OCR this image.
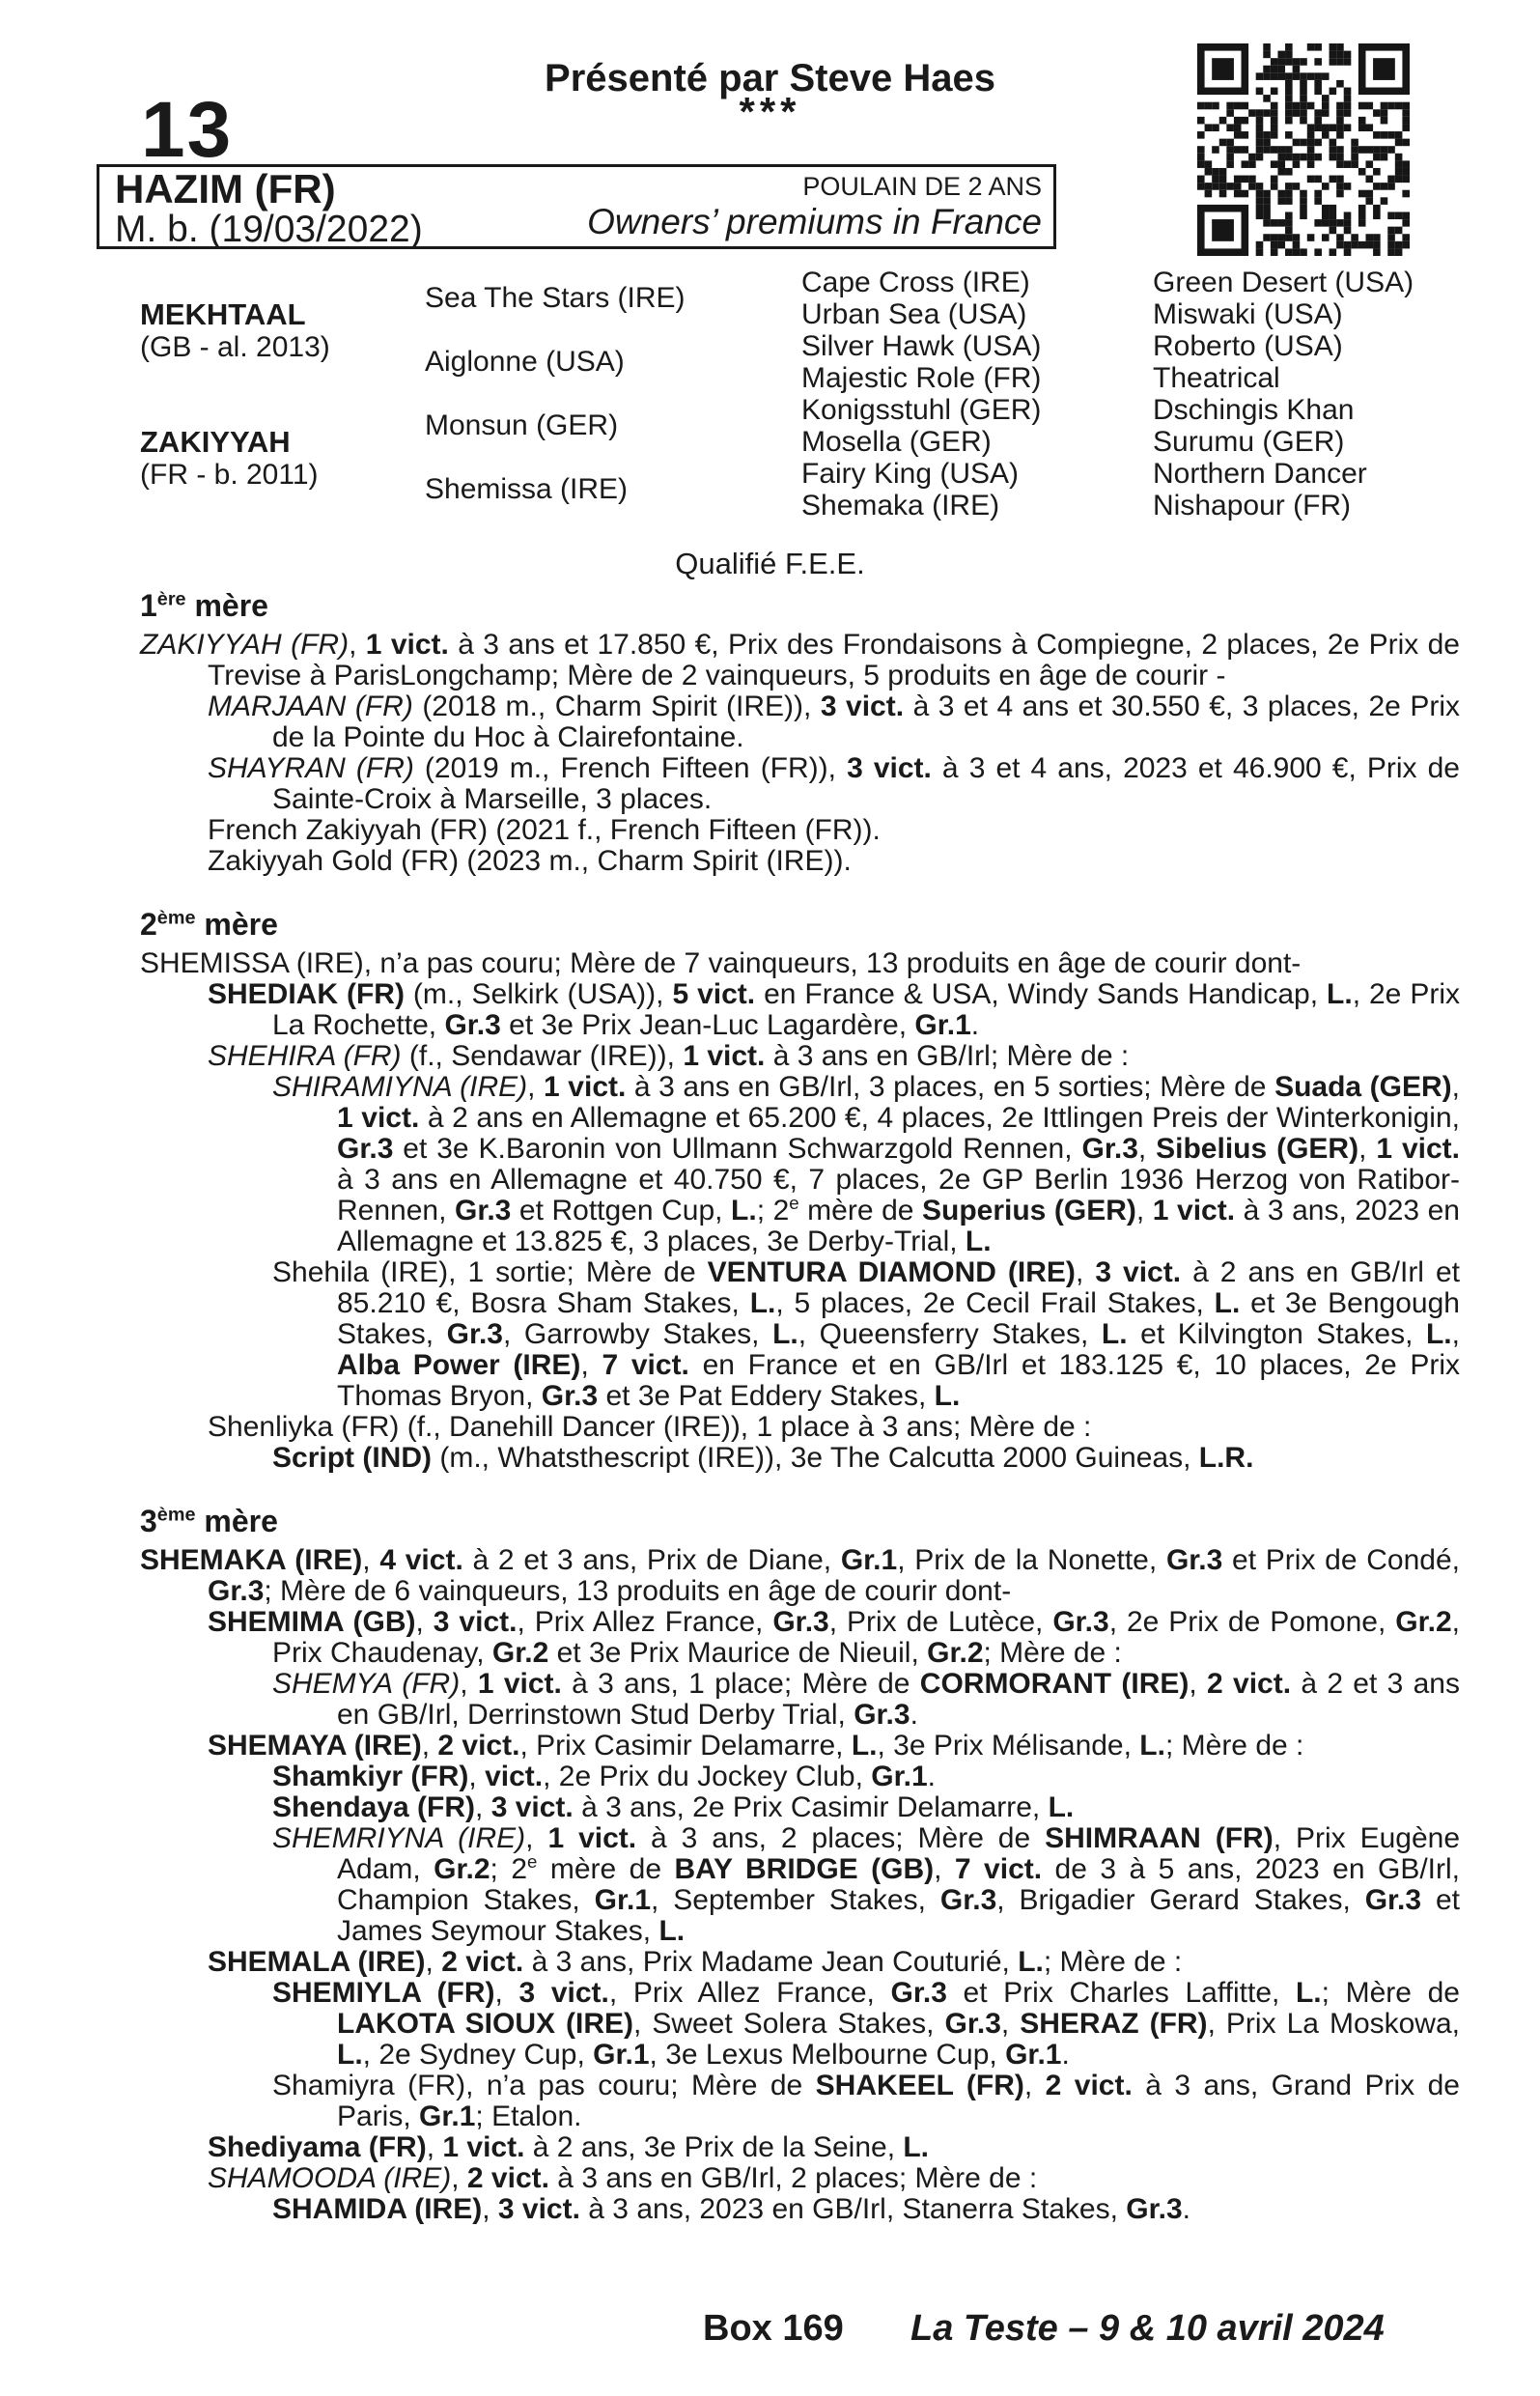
13
Présenté par Steve Haes
***
HAZIM (FR)
M. b. (19/03/2022)
POULAIN DE 2 ANS
Owners’ premiums in France
MEKHTAAL
(GB - al. 2013)
ZAKIYYAH
(FR - b. 2011)
Sea The Stars (IRE)
Aiglonne (USA)
Monsun (GER)
Shemissa (IRE)
Cape Cross (IRE)
Urban Sea (USA)
Silver Hawk (USA)
Majestic Role (FR)
Konigsstuhl (GER)
Mosella (GER)
Fairy King (USA)
Shemaka (IRE)
Green Desert (USA)
Miswaki (USA)
Roberto (USA)
Theatrical
Dschingis Khan
Surumu (GER)
Northern Dancer
Nishapour (FR)
Qualifié F.E.E.
1ère mère

ZAKIYYAH (FR), 1 vict. à 3 ans et 17.850 €, Prix des Frondaisons à Compiegne, 2 places, 2e Prix de Trevise à ParisLongchamp; Mère de 2 vainqueurs, 5 produits en âge de courir -

MARJAAN (FR) (2018 m., Charm Spirit (IRE)), 3 vict. à 3 et 4 ans et 30.550 €, 3 places, 2e Prix de la Pointe du Hoc à Clairefontaine.

SHAYRAN (FR) (2019 m., French Fifteen (FR)), 3 vict. à 3 et 4 ans, 2023 et 46.900 €, Prix de Sainte-Croix à Marseille, 3 places.

French Zakiyyah (FR) (2021 f., French Fifteen (FR)).

Zakiyyah Gold (FR) (2023 m., Charm Spirit (IRE)).

2ème mère

SHEMISSA (IRE), n’a pas couru; Mère de 7 vainqueurs, 13 produits en âge de courir dont-

SHEDIAK (FR) (m., Selkirk (USA)), 5 vict. en France & USA, Windy Sands Handicap, L., 2e Prix La Rochette, Gr.3 et 3e Prix Jean-Luc Lagardère, Gr.1.

SHEHIRA (FR) (f., Sendawar (IRE)), 1 vict. à 3 ans en GB/Irl; Mère de :

SHIRAMIYNA (IRE), 1 vict. à 3 ans en GB/Irl, 3 places, en 5 sorties; Mère de Suada (GER), 1 vict. à 2 ans en Allemagne et 65.200 €, 4 places, 2e Ittlingen Preis der Winterkonigin, Gr.3 et 3e K.Baronin von Ullmann Schwarzgold Rennen, Gr.3, Sibelius (GER), 1 vict. à 3 ans en Allemagne et 40.750 €, 7 places, 2e GP Berlin 1936 Herzog von Ratibor-Rennen, Gr.3 et Rottgen Cup, L.; 2e mère de Superius (GER), 1 vict. à 3 ans, 2023 en Allemagne et 13.825 €, 3 places, 3e Derby-Trial, L.

Shehila (IRE), 1 sortie; Mère de VENTURA DIAMOND (IRE), 3 vict. à 2 ans en GB/Irl et 85.210 €, Bosra Sham Stakes, L., 5 places, 2e Cecil Frail Stakes, L. et 3e Bengough Stakes, Gr.3, Garrowby Stakes, L., Queensferry Stakes, L. et Kilvington Stakes, L., Alba Power (IRE), 7 vict. en France et en GB/Irl et 183.125 €, 10 places, 2e Prix Thomas Bryon, Gr.3 et 3e Pat Eddery Stakes, L.

Shenliyka (FR) (f., Danehill Dancer (IRE)), 1 place à 3 ans; Mère de :

Script (IND) (m., Whatsthescript (IRE)), 3e The Calcutta 2000 Guineas, L.R.

3ème mère

SHEMAKA (IRE), 4 vict. à 2 et 3 ans, Prix de Diane, Gr.1, Prix de la Nonette, Gr.3 et Prix de Condé, Gr.3; Mère de 6 vainqueurs, 13 produits en âge de courir dont-

SHEMIMA (GB), 3 vict., Prix Allez France, Gr.3, Prix de Lutèce, Gr.3, 2e Prix de Pomone, Gr.2, Prix Chaudenay, Gr.2 et 3e Prix Maurice de Nieuil, Gr.2; Mère de :

SHEMYA (FR), 1 vict. à 3 ans, 1 place; Mère de CORMORANT (IRE), 2 vict. à 2 et 3 ans en GB/Irl, Derrinstown Stud Derby Trial, Gr.3.

SHEMAYA (IRE), 2 vict., Prix Casimir Delamarre, L., 3e Prix Mélisande, L.; Mère de :

Shamkiyr (FR), vict., 2e Prix du Jockey Club, Gr.1.

Shendaya (FR), 3 vict. à 3 ans, 2e Prix Casimir Delamarre, L.

SHEMRIYNA (IRE), 1 vict. à 3 ans, 2 places; Mère de SHIMRAAN (FR), Prix Eugène Adam, Gr.2; 2e mère de BAY BRIDGE (GB), 7 vict. de 3 à 5 ans, 2023 en GB/Irl, Champion Stakes, Gr.1, September Stakes, Gr.3, Brigadier Gerard Stakes, Gr.3 et James Seymour Stakes, L.

SHEMALA (IRE), 2 vict. à 3 ans, Prix Madame Jean Couturié, L.; Mère de :

SHEMIYLA (FR), 3 vict., Prix Allez France, Gr.3 et Prix Charles Laffitte, L.; Mère de LAKOTA SIOUX (IRE), Sweet Solera Stakes, Gr.3, SHERAZ (FR), Prix La Moskowa, L., 2e Sydney Cup, Gr.1, 3e Lexus Melbourne Cup, Gr.1.

Shamiyra (FR), n’a pas couru; Mère de SHAKEEL (FR), 2 vict. à 3 ans, Grand Prix de Paris, Gr.1; Etalon.

Shediyama (FR), 1 vict. à 2 ans, 3e Prix de la Seine, L.

SHAMOODA (IRE), 2 vict. à 3 ans en GB/Irl, 2 places; Mère de :

SHAMIDA (IRE), 3 vict. à 3 ans, 2023 en GB/Irl, Stanerra Stakes, Gr.3.

Box 169 La Teste – 9 & 10 avril 2024
